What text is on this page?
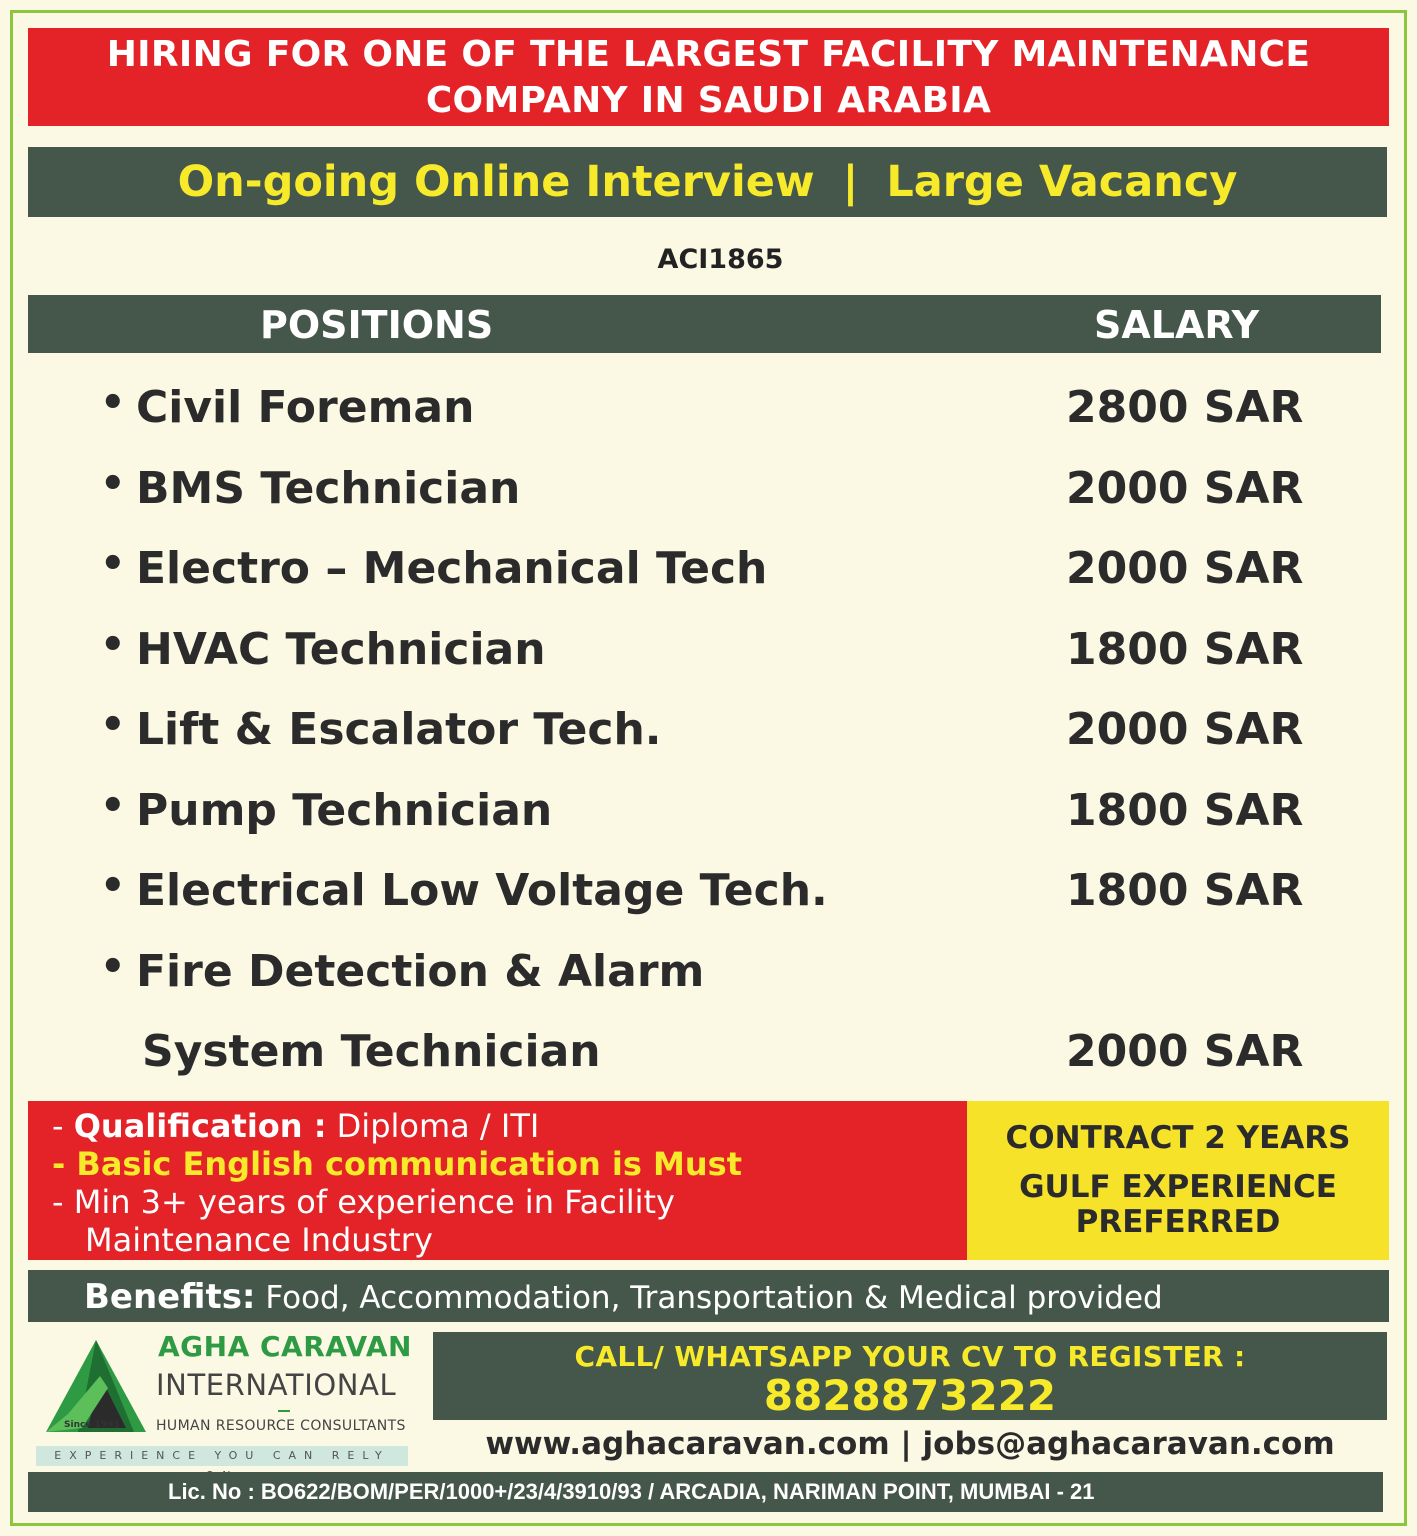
HIRING FOR ONE OF THE LARGEST FACILITY MAINTENANCE
COMPANY IN SAUDI ARABIA
On-going Online Interview | Large Vacancy
ACI1865
POSITIONS	SALARY
• Civil Foreman	2800 SAR
• BMS Technician	2000 SAR
• Electro – Mechanical Tech	2000 SAR
• HVAC Technician	1800 SAR
• Lift & Escalator Tech.	2000 SAR
• Pump Technician	1800 SAR
• Electrical Low Voltage Tech.	1800 SAR
• Fire Detection & Alarm
System Technician	2000 SAR
- Qualification : Diploma / ITI
- Basic English communication is Must
- Min 3+ years of experience in Facility
Maintenance Industry
CONTRACT 2 YEARS
GULF EXPERIENCE
PREFERRED
Benefits: Food, Accommodation, Transportation & Medical provided
Since 1993
AGHA CARAVAN
INTERNATIONAL
HUMAN RESOURCE CONSULTANTS
EXPERIENCE YOU CAN RELY
CALL/ WHATSAPP YOUR CV TO REGISTER :
8828873222
www.aghacaravan.com | jobs@aghacaravan.com
Lic. No : BO622/BOM/PER/1000+/23/4/3910/93 / ARCADIA, NARIMAN POINT, MUMBAI - 21
